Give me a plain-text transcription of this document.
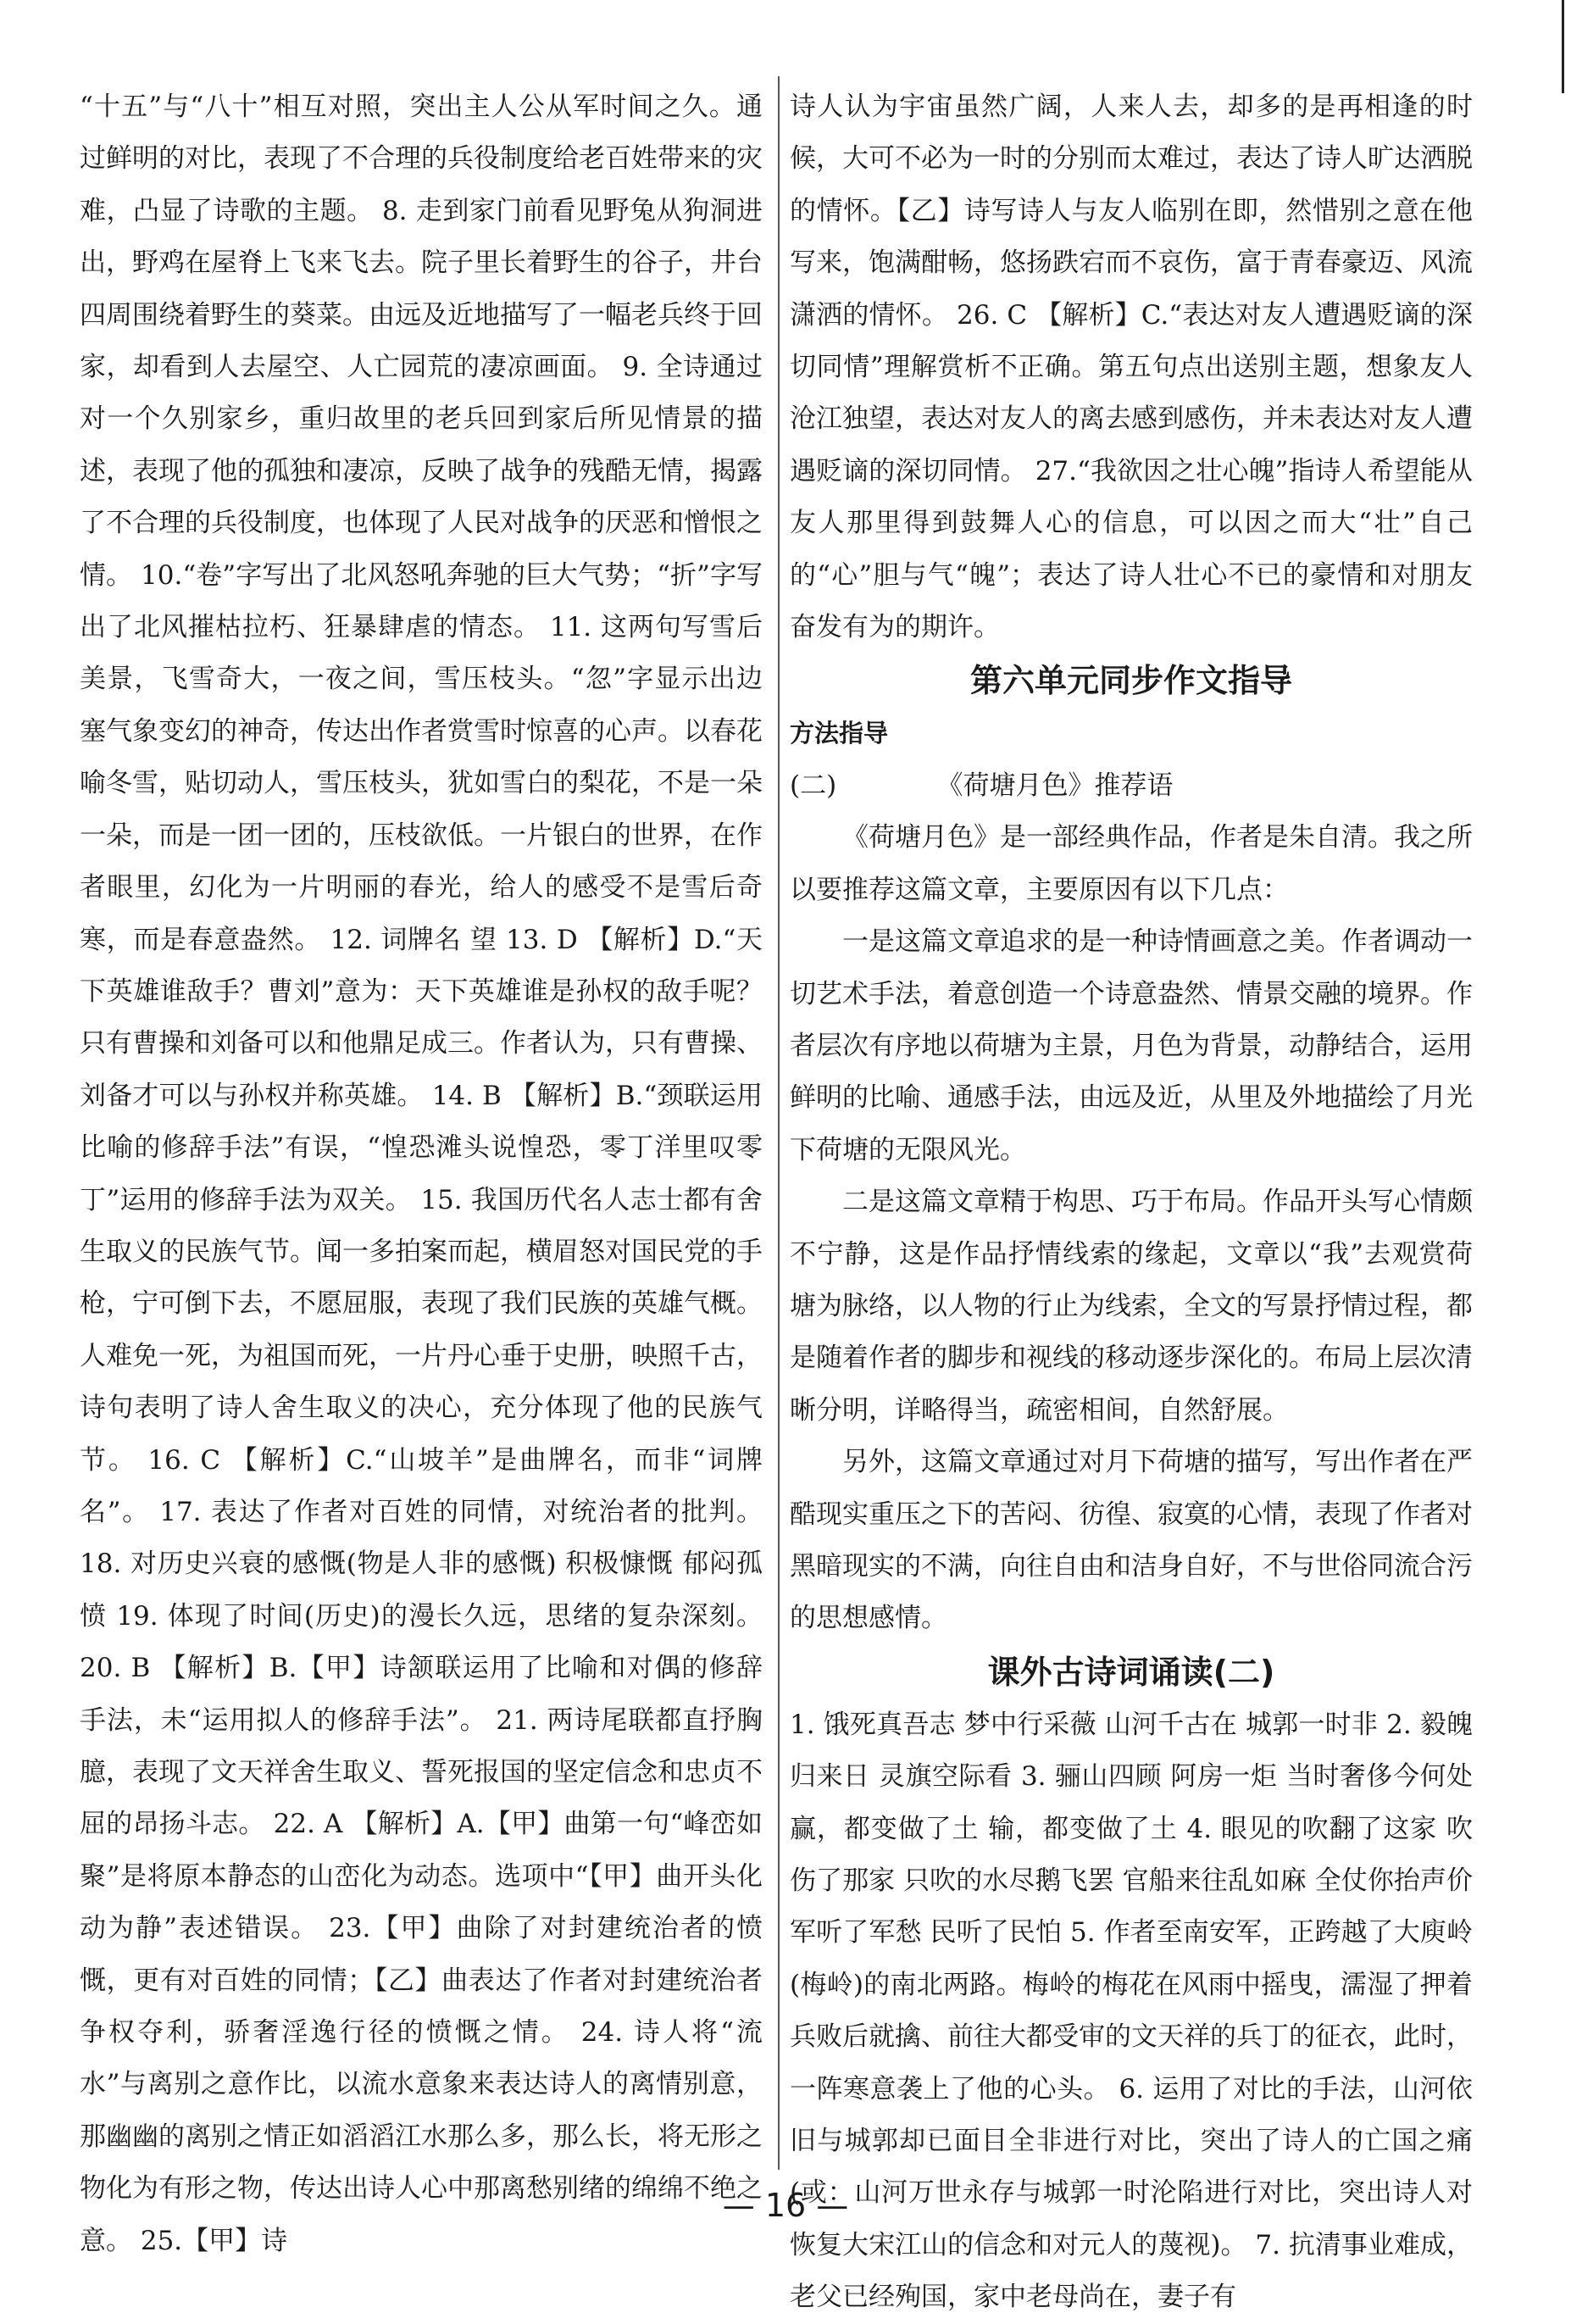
“十五”与“八十”相互对照，突出主人公从军时间之久。通过鲜明的对比，表现了不合理的兵役制度给老百姓带来的灾难，凸显了诗歌的主题。 8. 走到家门前看见野兔从狗洞进出，野鸡在屋脊上飞来飞去。院子里长着野生的谷子，井台四周围绕着野生的葵菜。由远及近地描写了一幅老兵终于回家，却看到人去屋空、人亡园荒的凄凉画面。 9. 全诗通过对一个久别家乡，重归故里的老兵回到家后所见情景的描述，表现了他的孤独和凄凉，反映了战争的残酷无情，揭露了不合理的兵役制度，也体现了人民对战争的厌恶和憎恨之情。 10.“卷”字写出了北风怒吼奔驰的巨大气势；“折”字写出了北风摧枯拉朽、狂暴肆虐的情态。 11. 这两句写雪后美景，飞雪奇大，一夜之间，雪压枝头。“忽”字显示出边塞气象变幻的神奇，传达出作者赏雪时惊喜的心声。以春花喻冬雪，贴切动人，雪压枝头，犹如雪白的梨花，不是一朵一朵，而是一团一团的，压枝欲低。一片银白的世界，在作者眼里，幻化为一片明丽的春光，给人的感受不是雪后奇寒，而是春意盎然。 12. 词牌名 望 13. D 【解析】D.“天下英雄谁敌手？曹刘”意为：天下英雄谁是孙权的敌手呢？只有曹操和刘备可以和他鼎足成三。作者认为，只有曹操、刘备才可以与孙权并称英雄。 14. B 【解析】B.“颈联运用比喻的修辞手法”有误，“惶恐滩头说惶恐，零丁洋里叹零丁”运用的修辞手法为双关。 15. 我国历代名人志士都有舍生取义的民族气节。闻一多拍案而起，横眉怒对国民党的手枪，宁可倒下去，不愿屈服，表现了我们民族的英雄气概。人难免一死，为祖国而死，一片丹心垂于史册，映照千古，诗句表明了诗人舍生取义的决心，充分体现了他的民族气节。 16. C 【解析】C.“山坡羊”是曲牌名，而非“词牌名”。 17. 表达了作者对百姓的同情，对统治者的批判。 18. 对历史兴衰的感慨(物是人非的感慨) 积极慷慨 郁闷孤愤 19. 体现了时间(历史)的漫长久远，思绪的复杂深刻。 20. B 【解析】B.【甲】诗颔联运用了比喻和对偶的修辞手法，未“运用拟人的修辞手法”。 21. 两诗尾联都直抒胸臆，表现了文天祥舍生取义、誓死报国的坚定信念和忠贞不屈的昂扬斗志。 22. A 【解析】A.【甲】曲第一句“峰峦如聚”是将原本静态的山峦化为动态。选项中“【甲】曲开头化动为静”表述错误。 23.【甲】曲除了对封建统治者的愤慨，更有对百姓的同情；【乙】曲表达了作者对封建统治者争权夺利，骄奢淫逸行径的愤慨之情。 24. 诗人将“流水”与离别之意作比，以流水意象来表达诗人的离情别意，那幽幽的离别之情正如滔滔江水那么多，那么长，将无形之物化为有形之物，传达出诗人心中那离愁别绪的绵绵不绝之意。 25.【甲】诗

诗人认为宇宙虽然广阔，人来人去，却多的是再相逢的时候，大可不必为一时的分别而太难过，表达了诗人旷达洒脱的情怀。【乙】诗写诗人与友人临别在即，然惜别之意在他写来，饱满酣畅，悠扬跌宕而不哀伤，富于青春豪迈、风流潇洒的情怀。 26. C 【解析】C.“表达对友人遭遇贬谪的深切同情”理解赏析不正确。第五句点出送别主题，想象友人沧江独望，表达对友人的离去感到感伤，并未表达对友人遭遇贬谪的深切同情。 27.“我欲因之壮心魄”指诗人希望能从友人那里得到鼓舞人心的信息，可以因之而大“壮”自己的“心”胆与气“魄”；表达了诗人壮心不已的豪情和对朋友奋发有为的期许。

第六单元同步作文指导
方法指导
(二)	《荷塘月色》推荐语

《荷塘月色》是一部经典作品，作者是朱自清。我之所以要推荐这篇文章，主要原因有以下几点：

一是这篇文章追求的是一种诗情画意之美。作者调动一切艺术手法，着意创造一个诗意盎然、情景交融的境界。作者层次有序地以荷塘为主景，月色为背景，动静结合，运用鲜明的比喻、通感手法，由远及近，从里及外地描绘了月光下荷塘的无限风光。

二是这篇文章精于构思、巧于布局。作品开头写心情颇不宁静，这是作品抒情线索的缘起，文章以“我”去观赏荷塘为脉络，以人物的行止为线索，全文的写景抒情过程，都是随着作者的脚步和视线的移动逐步深化的。布局上层次清晰分明，详略得当，疏密相间，自然舒展。

另外，这篇文章通过对月下荷塘的描写，写出作者在严酷现实重压之下的苦闷、彷徨、寂寞的心情，表现了作者对黑暗现实的不满，向往自由和洁身自好，不与世俗同流合污的思想感情。

课外古诗词诵读(二)

1. 饿死真吾志 梦中行采薇 山河千古在 城郭一时非 2. 毅魄归来日 灵旗空际看 3. 骊山四顾 阿房一炬 当时奢侈今何处 赢，都变做了土 输，都变做了土 4. 眼见的吹翻了这家 吹伤了那家 只吹的水尽鹅飞罢 官船来往乱如麻 全仗你抬声价 军听了军愁 民听了民怕 5. 作者至南安军，正跨越了大庾岭(梅岭)的南北两路。梅岭的梅花在风雨中摇曳，濡湿了押着兵败后就擒、前往大都受审的文天祥的兵丁的征衣，此时，一阵寒意袭上了他的心头。 6. 运用了对比的手法，山河依旧与城郭却已面目全非进行对比，突出了诗人的亡国之痛(或：山河万世永存与城郭一时沦陷进行对比，突出诗人对恢复大宋江山的信念和对元人的蔑视)。 7. 抗清事业难成，老父已经殉国，家中老母尚在，妻子有

— 16 —
